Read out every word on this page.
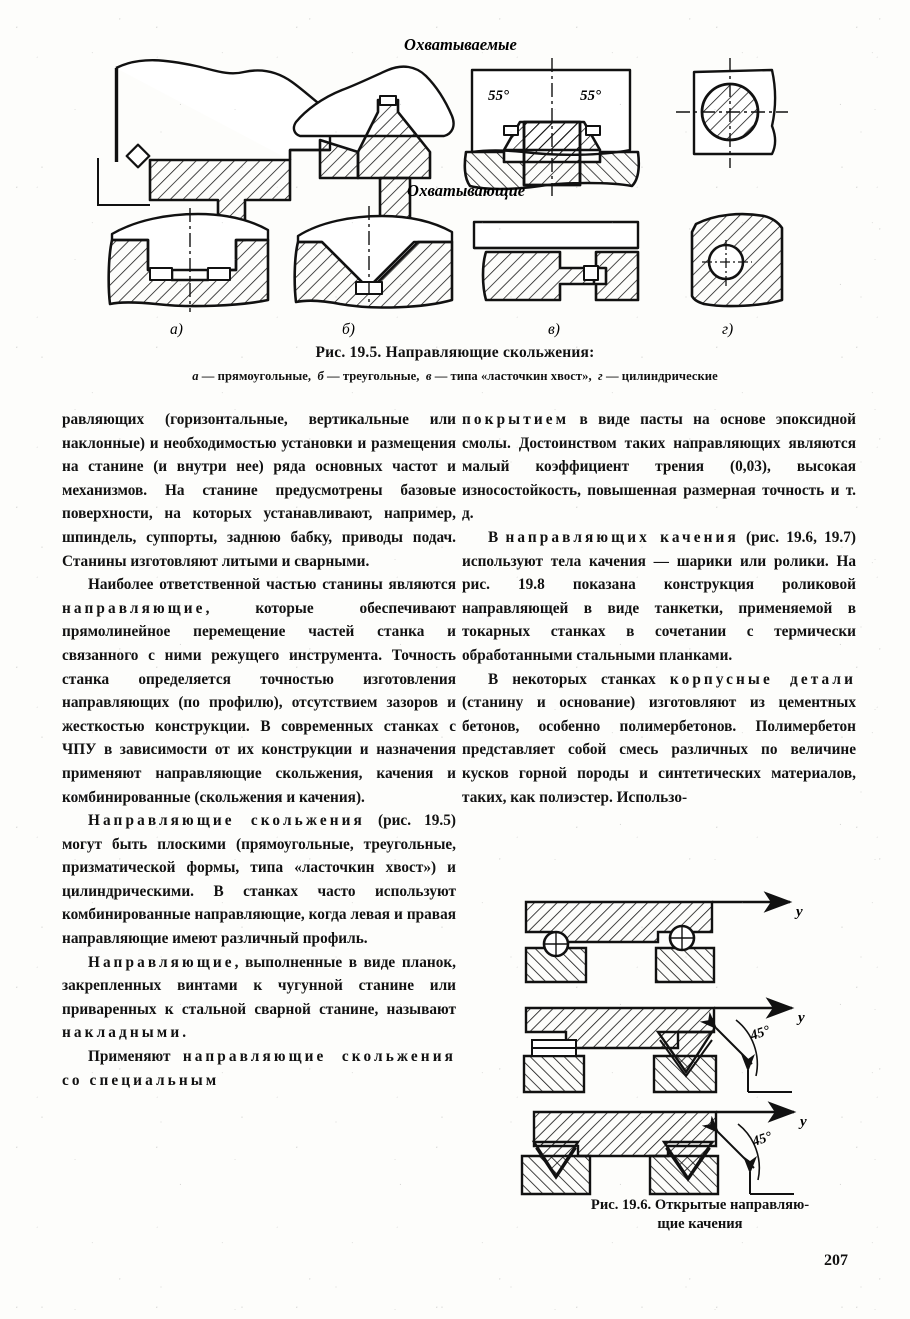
Охватываемые
55°	55°
Охватывающие
а)	б)	в)	г)
Рис. 19.5. Направляющие скольжения:
а — прямоугольные,  б — треугольные,  в — типа «ласточкин хвост»,  г — цилиндрические

равляющих (горизонтальные, вертикальные или наклонные) и необходимостью установки и размещения на станине (и внутри нее) ряда основных частот и механизмов. На станине предусмотрены базовые поверхности, на которых устанавливают, например, шпиндель, суппорты, заднюю бабку, приводы подач. Станины изготовляют литыми и сварными.

Наиболее ответственной частью станины являются направляющие, которые обеспечивают прямолинейное перемещение частей станка и связанного с ними режущего инструмента. Точность станка определяется точностью изготовления направляющих (по профилю), отсутствием зазоров и жесткостью конструкции. В современных станках с ЧПУ в зависимости от их конструкции и назначения применяют направляющие скольжения, качения и комбинированные (скольжения и качения).

Направляющие скольжения (рис. 19.5) могут быть плоскими (прямоугольные, треугольные, призматической формы, типа «ласточкин хвост») и цилиндрическими. В станках часто используют комбинированные направляющие, когда левая и правая направляющие имеют различный профиль.

Направляющие, выполненные в виде планок, закрепленных винтами к чугунной станине или приваренных к стальной сварной станине, называют накладными.

Применяют направляющие скольжения со специальным

покрытием в виде пасты на основе эпоксидной смолы. Достоинством таких направляющих являются малый коэффициент трения (0,03), высокая износостойкость, повышенная размерная точность и т. д.

В направляющих качения (рис. 19.6, 19.7) используют тела качения — шарики или ролики. На рис. 19.8 показана конструкция роликовой направляющей в виде танкетки, применяемой в токарных станках в сочетании с термически обработанными стальными планками.

В некоторых станках корпусные детали (станину и основание) изготовляют из цементных бетонов, особенно полимербетонов. Полимербетон представляет собой смесь различных по величине кусков горной породы и синтетических материалов, таких, как полиэстер. Использо-

y
y
45°
y
45°
Рис. 19.6. Открытые направляю-
щие качения
207
